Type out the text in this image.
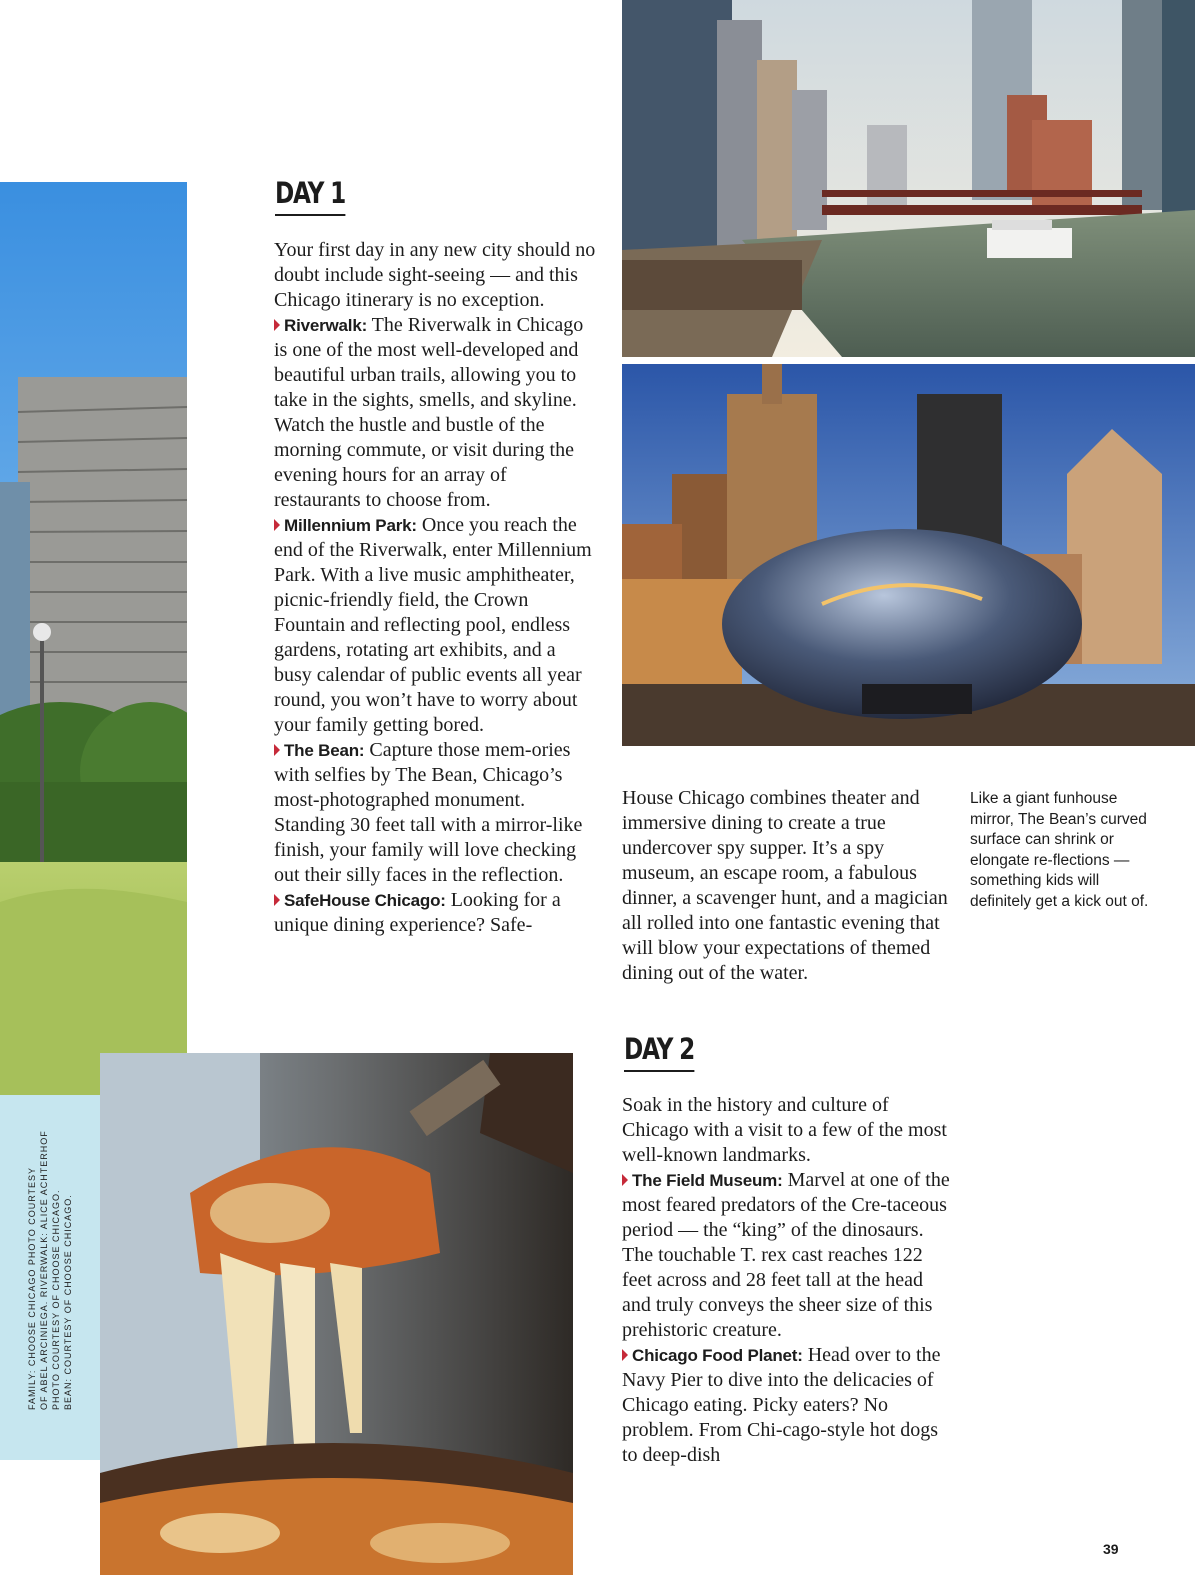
FAMILY: CHOOSE CHICAGO PHOTO COURTESY
OF ABEL ARCINIEGA. RIVERWALK: ALICE ACHTERHOF
PHOTO COURTESY OF CHOOSE CHICAGO.
BEAN: COURTESY OF CHOOSE CHICAGO.
DAY 1

Your first day in any new city should no doubt include sight-seeing — and this Chicago itinerary is no exception.

Riverwalk: The Riverwalk in Chicago is one of the most well-developed and beautiful urban trails, allowing you to take in the sights, smells, and skyline. Watch the hustle and bustle of the morning commute, or visit during the evening hours for an array of restaurants to choose from.
Millennium Park: Once you reach the end of the Riverwalk, enter Millennium Park. With a live music amphitheater, picnic-friendly field, the Crown Fountain and reflecting pool, endless gardens, rotating art exhibits, and a busy calendar of public events all year round, you won’t have to worry about your family getting bored.
The Bean: Capture those mem-ories with selfies by The Bean, Chicago’s most-photographed monument. Standing 30 feet tall with a mirror-like finish, your family will love checking out their silly faces in the reflection.
SafeHouse Chicago: Looking for a unique dining experience? Safe-
House Chicago combines theater and immersive dining to create a true undercover spy supper. It’s a spy museum, an escape room, a fabulous dinner, a scavenger hunt, and a magician all rolled into one fantastic evening that will blow your expectations of themed dining out of the water.
Like a giant funhouse mirror, The Bean’s curved surface can shrink or elongate re-flections — something kids will definitely get a kick out of.
DAY 2

Soak in the history and culture of Chicago with a visit to a few of the most well-known landmarks.

The Field Museum: Marvel at one of the most feared predators of the Cre-taceous period — the “king” of the dinosaurs. The touchable T. rex cast reaches 122 feet across and 28 feet tall at the head and truly conveys the sheer size of this prehistoric creature.
Chicago Food Planet: Head over to the Navy Pier to dive into the delicacies of Chicago eating. Picky eaters? No problem. From Chi-cago-style hot dogs to deep-dish
39
